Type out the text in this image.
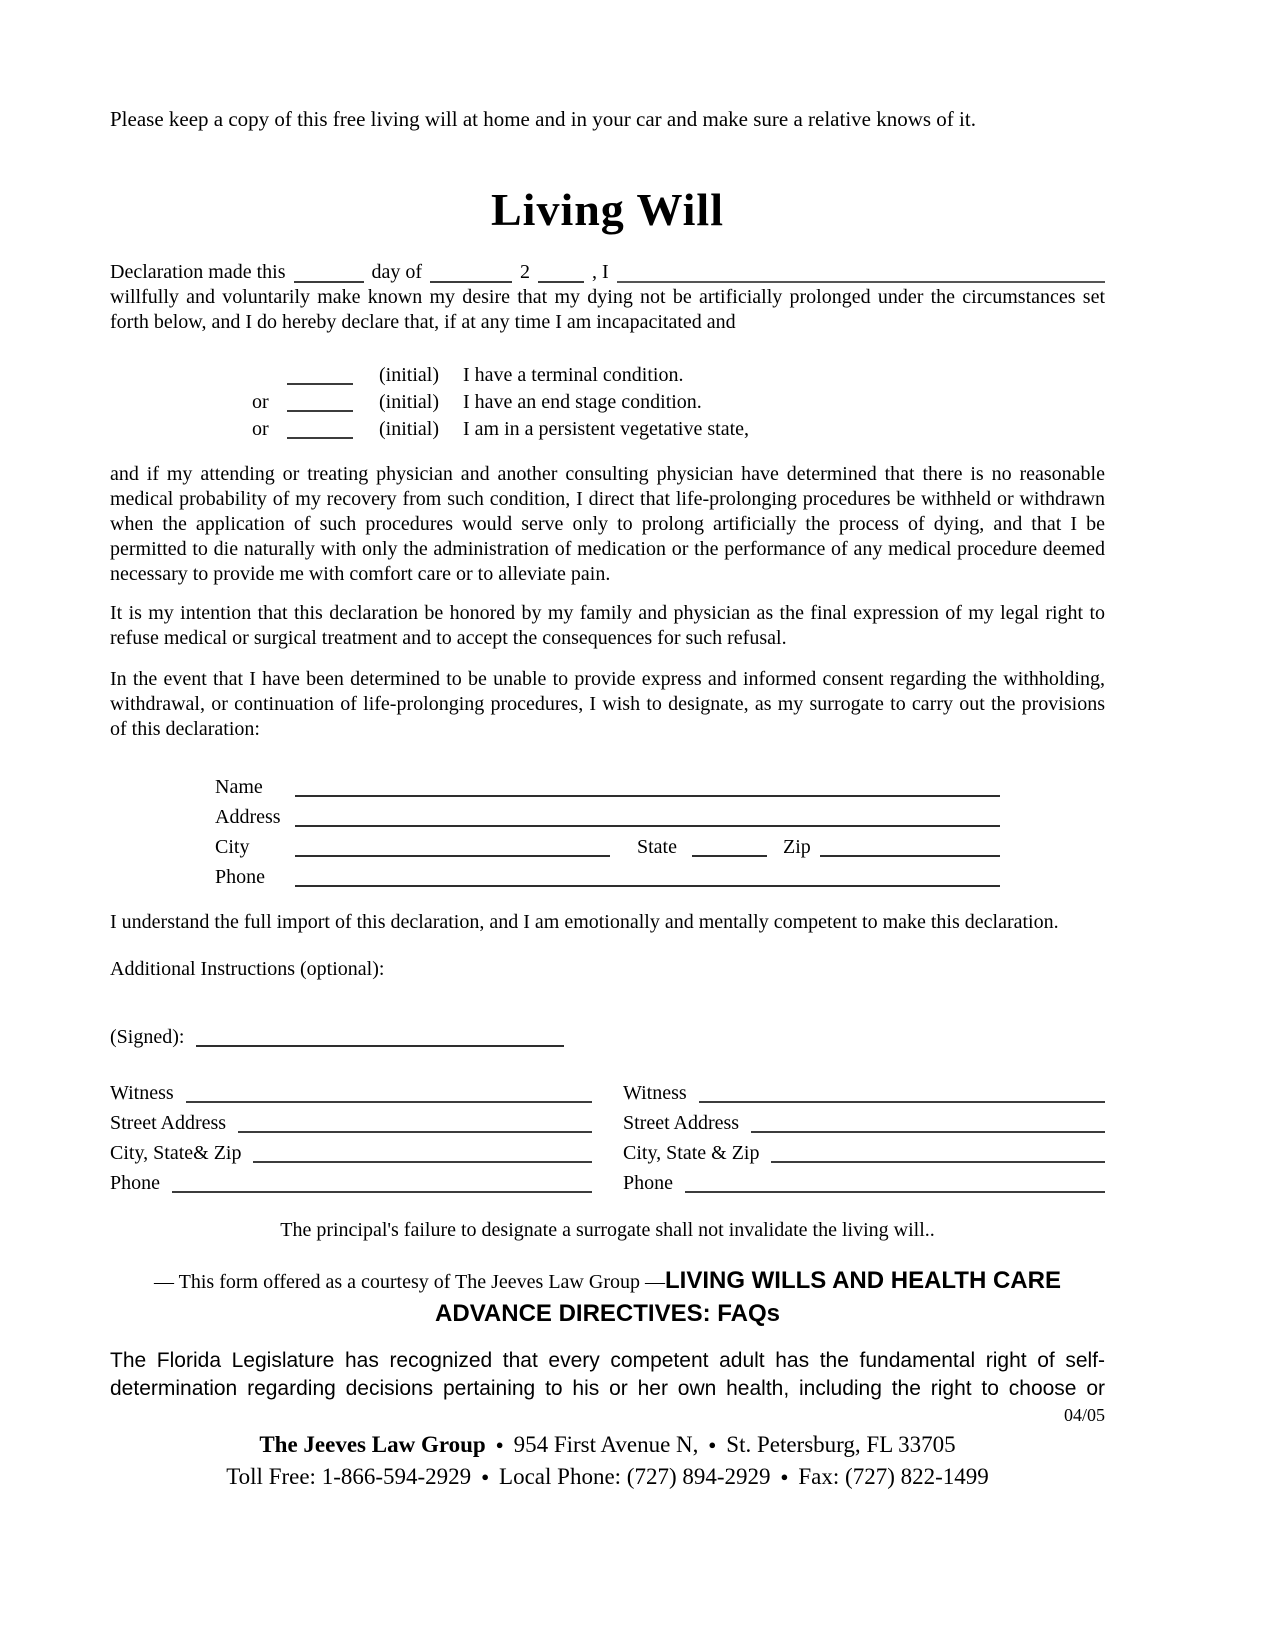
Please keep a copy of this free living will at home and in your car and make sure a relative knows of it.
Living Will
Declaration made this	day of	2	, I
willfully and voluntarily make known my desire that my dying not be artificially prolonged under the circumstances set forth below, and I do hereby declare that, if at any time I am incapacitated and
(initial)	I have a terminal condition.
or	(initial)	I have an end stage condition.
or	(initial)	I am in a persistent vegetative state,

and if my attending or treating physician and another consulting physician have determined that there is no reasonable medical probability of my recovery from such condition, I direct that life-prolonging procedures be withheld or withdrawn when the application of such procedures would serve only to prolong artificially the process of dying, and that I be permitted to die naturally with only the administration of medication or the performance of any medical procedure deemed necessary to provide me with comfort care or to alleviate pain.

It is my intention that this declaration be honored by my family and physician as the final expression of my legal right to refuse medical or surgical treatment and to accept the consequences for such refusal.

In the event that I have been determined to be unable to provide express and informed consent regarding the withholding, withdrawal, or continuation of life-prolonging procedures, I wish to designate, as my surrogate to carry out the provisions of this declaration:

Name
Address
City	State	Zip
Phone

I understand the full import of this declaration, and I am emotionally and mentally competent to make this declaration.

Additional Instructions (optional):
(Signed):
Witness
Street Address
City, State& Zip
Phone
Witness
Street Address
City, State & Zip
Phone
The principal's failure to designate a surrogate shall not invalidate the living will..
— This form offered as a courtesy of The Jeeves Law Group —LIVING WILLS AND HEALTH CARE
ADVANCE DIRECTIVES: FAQs
The Florida Legislature has recognized that every competent adult has the fundamental right of self-
determination regarding decisions pertaining to his or her own health, including the right to choose or
04/05
The Jeeves Law Group ● 954 First Avenue N, ● St. Petersburg, FL 33705
Toll Free: 1-866-594-2929 ● Local Phone: (727) 894-2929 ● Fax: (727) 822-1499
